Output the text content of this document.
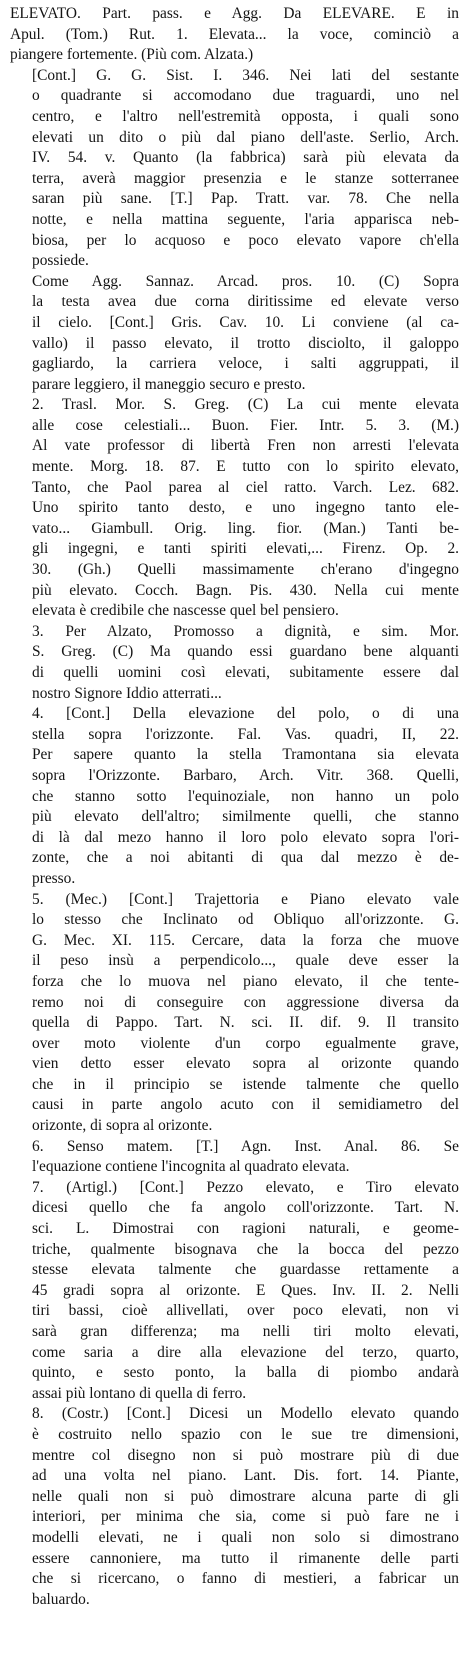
ELEVATO. Part. pass. e Agg. Da ELEVARE. E in
Apul. (Tom.) Rut. 1. Elevata... la voce, cominciò a
piangere fortemente. (Più com. Alzata.)
[Cont.] G. G. Sist. I. 346. Nei lati del sestante
o quadrante si accomodano due traguardi, uno nel
centro, e l'altro nell'estremità opposta, i quali sono
elevati un dito o più dal piano dell'aste. Serlio, Arch.
IV. 54. v. Quanto (la fabbrica) sarà più elevata da
terra, averà maggior presenzia e le stanze sotterranee
saran più sane. [T.] Pap. Tratt. var. 78. Che nella
notte, e nella mattina seguente, l'aria apparisca neb-
biosa, per lo acquoso e poco elevato vapore ch'ella
possiede.
Come Agg. Sannaz. Arcad. pros. 10. (C) Sopra
la testa avea due corna diritissime ed elevate verso
il cielo. [Cont.] Gris. Cav. 10. Li conviene (al ca-
vallo) il passo elevato, il trotto disciolto, il galoppo
gagliardo, la carriera veloce, i salti aggruppati, il
parare leggiero, il maneggio securo e presto.
2. Trasl. Mor. S. Greg. (C) La cui mente elevata
alle cose celestiali... Buon. Fier. Intr. 5. 3. (M.)
Al vate professor di libertà Fren non arresti l'elevata
mente. Morg. 18. 87. E tutto con lo spirito elevato,
Tanto, che Paol parea al ciel ratto. Varch. Lez. 682.
Uno spirito tanto desto, e uno ingegno tanto ele-
vato... Giambull. Orig. ling. fior. (Man.) Tanti be-
gli ingegni, e tanti spiriti elevati,... Firenz. Op. 2.
30. (Gh.) Quelli massimamente ch'erano d'ingegno
più elevato. Cocch. Bagn. Pis. 430. Nella cui mente
elevata è credibile che nascesse quel bel pensiero.
3. Per Alzato, Promosso a dignità, e sim. Mor.
S. Greg. (C) Ma quando essi guardano bene alquanti
di quelli uomini così elevati, subitamente essere dal
nostro Signore Iddio atterrati...
4. [Cont.] Della elevazione del polo, o di una
stella sopra l'orizzonte. Fal. Vas. quadri, II, 22.
Per sapere quanto la stella Tramontana sia elevata
sopra l'Orizzonte. Barbaro, Arch. Vitr. 368. Quelli,
che stanno sotto l'equinoziale, non hanno un polo
più elevato dell'altro; similmente quelli, che stanno
di là dal mezo hanno il loro polo elevato sopra l'ori-
zonte, che a noi abitanti di qua dal mezzo è de-
presso.
5. (Mec.) [Cont.] Trajettoria e Piano elevato vale
lo stesso che Inclinato od Obliquo all'orizzonte. G.
G. Mec. XI. 115. Cercare, data la forza che muove
il peso insù a perpendicolo..., quale deve esser la
forza che lo muova nel piano elevato, il che tente-
remo noi di conseguire con aggressione diversa da
quella di Pappo. Tart. N. sci. II. dif. 9. Il transito
over moto violente d'un corpo egualmente grave,
vien detto esser elevato sopra al orizonte quando
che in il principio se istende talmente che quello
causi in parte angolo acuto con il semidiametro del
orizonte, di sopra al orizonte.
6. Senso matem. [T.] Agn. Inst. Anal. 86. Se
l'equazione contiene l'incognita al quadrato elevata.
7. (Artigl.) [Cont.] Pezzo elevato, e Tiro elevato
dicesi quello che fa angolo coll'orizzonte. Tart. N.
sci. L. Dimostrai con ragioni naturali, e geome-
triche, qualmente bisognava che la bocca del pezzo
stesse elevata talmente che guardasse rettamente a
45 gradi sopra al orizonte. E Ques. Inv. II. 2. Nelli
tiri bassi, cioè allivellati, over poco elevati, non vi
sarà gran differenza; ma nelli tiri molto elevati,
come saria a dire alla elevazione del terzo, quarto,
quinto, e sesto ponto, la balla di piombo andarà
assai più lontano di quella di ferro.
8. (Costr.) [Cont.] Dicesi un Modello elevato quando
è costruito nello spazio con le sue tre dimensioni,
mentre col disegno non si può mostrare più di due
ad una volta nel piano. Lant. Dis. fort. 14. Piante,
nelle quali non si può dimostrare alcuna parte di gli
interiori, per minima che sia, come si può fare ne i
modelli elevati, ne i quali non solo si dimostrano
essere cannoniere, ma tutto il rimanente delle parti
che si ricercano, o fanno di mestieri, a fabricar un
baluardo.
